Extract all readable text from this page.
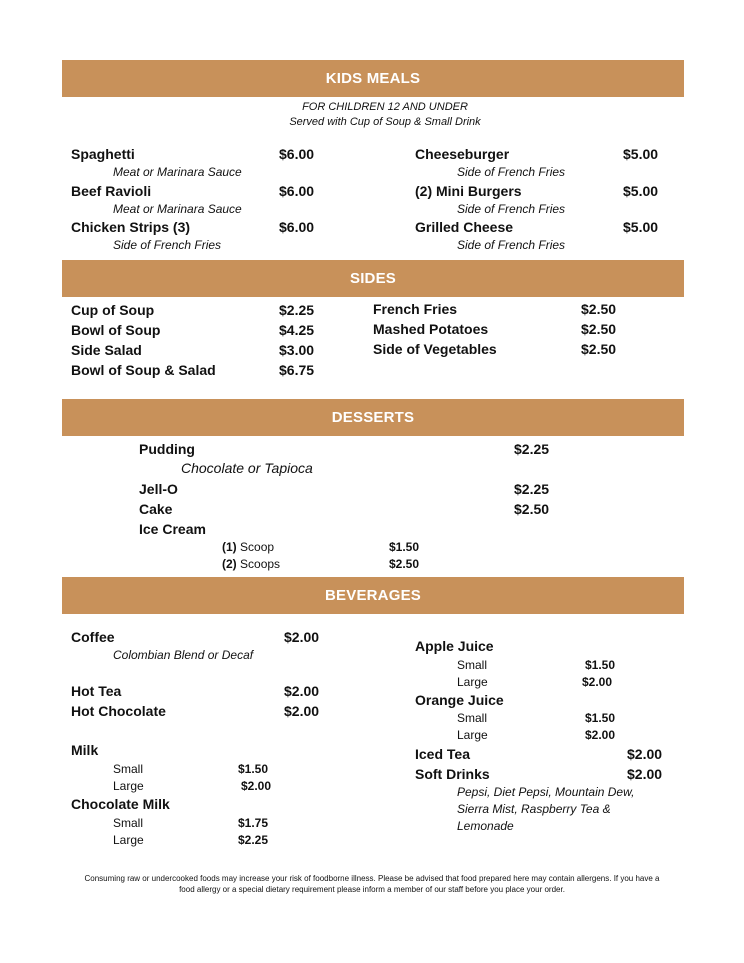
KIDS MEALS
FOR CHILDREN 12 AND UNDER
Served with Cup of Soup & Small Drink
Spaghetti	$6.00
Meat or Marinara Sauce
Beef Ravioli	$6.00
Meat or Marinara Sauce
Chicken Strips (3)	$6.00
Side of French Fries
Cheeseburger	$5.00
Side of French Fries
(2) Mini Burgers	$5.00
Side of French Fries
Grilled Cheese	$5.00
Side of French Fries
SIDES
Cup of Soup	$2.25
Bowl of Soup	$4.25
Side Salad	$3.00
Bowl of Soup & Salad	$6.75
French Fries	$2.50
Mashed Potatoes	$2.50
Side of Vegetables	$2.50
DESSERTS
Pudding	$2.25
Chocolate or Tapioca
Jell-O	$2.25
Cake	$2.50
Ice Cream
(1) Scoop	$1.50
(2) Scoops	$2.50
BEVERAGES
Coffee	$2.00
Colombian Blend or Decaf
Hot Tea	$2.00
Hot Chocolate	$2.00
Milk
Small	$1.50
Large	$2.00
Chocolate Milk
Small	$1.75
Large	$2.25
Apple Juice
Small	$1.50
Large	$2.00
Orange Juice
Small	$1.50
Large	$2.00
Iced Tea	$2.00
Soft Drinks	$2.00
Pepsi, Diet Pepsi, Mountain Dew,
Sierra Mist, Raspberry Tea &
Lemonade
Consuming raw or undercooked foods may increase your risk of foodborne illness. Please be advised that food prepared here may contain allergens. If you have a
food allergy or a special dietary requirement please inform a member of our staff before you place your order.
